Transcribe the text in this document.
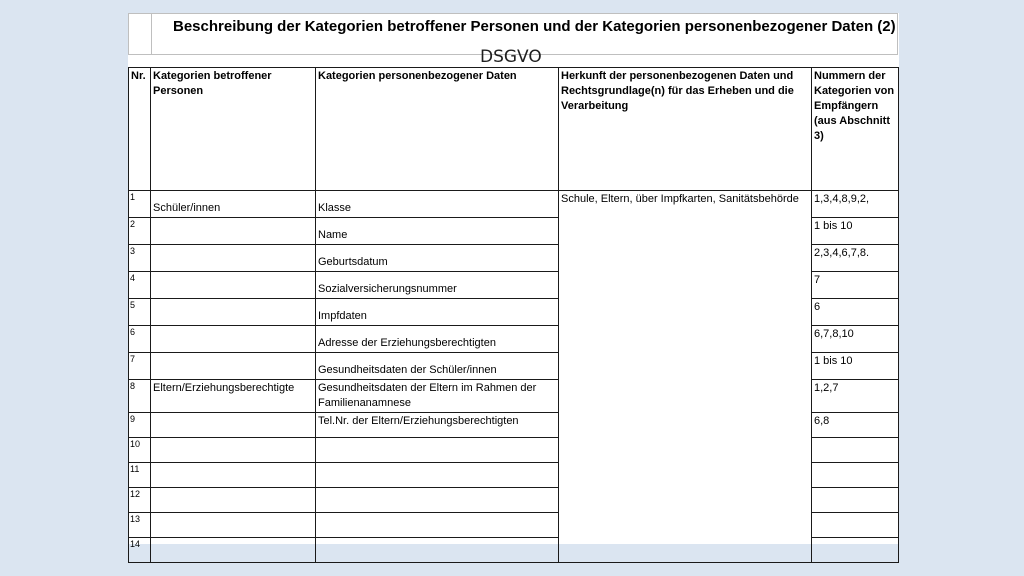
Beschreibung der Kategorien betroffener Personen und der Kategorien personenbezogener Daten (2)
DSGVO
Nr.	Kategorien betroffener Personen	Kategorien personenbezogener Daten	Herkunft der personenbezogenen Daten und Rechtsgrundlage(n) für das Erheben und die Verarbeitung	Nummern der Kategorien von Empfängern (aus Abschnitt 3)
1	Schüler/innen	Klasse	Schule, Eltern, über Impfkarten, Sanitätsbehörde	1,3,4,8,9,2,
2		Name		1 bis 10
3		Geburtsdatum		2,3,4,6,7,8.
4		Sozialversicherungsnummer		7
5		Impfdaten		6
6		Adresse der Erziehungsberechtigten		6,7,8,10
7		Gesundheitsdaten der Schüler/innen		1 bis 10
8	Eltern/Erziehungsberechtigte	Gesundheitsdaten der Eltern im Rahmen der Familienanamnese		1,2,7
9		Tel.Nr. der Eltern/Erziehungsberechtigten		6,8
10				
11				
12				
13				
14				
